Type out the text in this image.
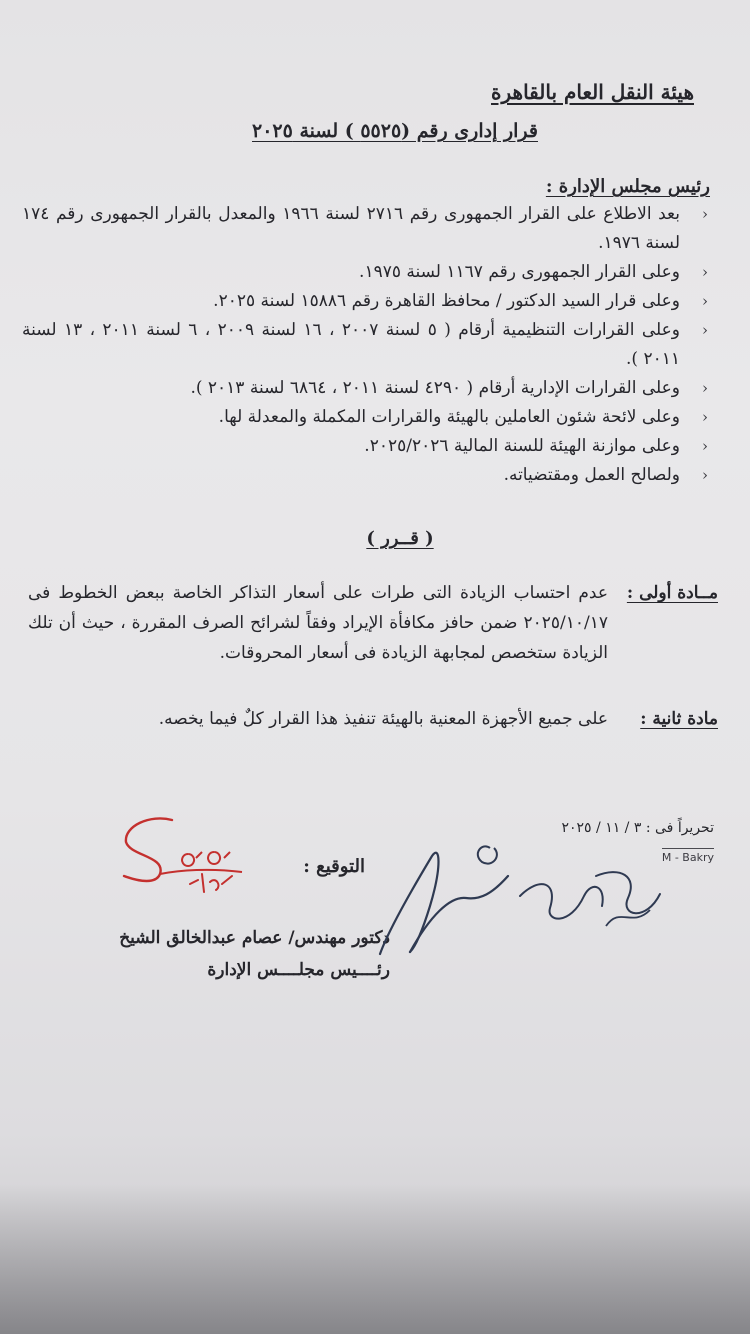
هيئة النقل العام بالقاهرة
قرار إدارى رقم (٥٥٢٥ ) لسنة ٢٠٢٥
رئيس مجلس الإدارة :
‹
بعد الاطلاع على القرار الجمهورى رقم ٢٧١٦ لسنة ١٩٦٦ والمعدل بالقرار الجمهورى رقم ١٧٤ لسنة ١٩٧٦.
‹
وعلى القرار الجمهورى رقم ١١٦٧ لسنة ١٩٧٥.
‹
وعلى قرار السيد الدكتور / محافظ القاهرة رقم ١٥٨٨٦ لسنة ٢٠٢٥.
‹
وعلى القرارات التنظيمية أرقام ( ٥ لسنة ٢٠٠٧ ، ١٦ لسنة ٢٠٠٩ ، ٦ لسنة ٢٠١١ ، ١٣ لسنة ٢٠١١ ).
‹
وعلى القرارات الإدارية أرقام ( ٤٢٩٠ لسنة ٢٠١١ ، ٦٨٦٤ لسنة ٢٠١٣ ).
‹
وعلى لائحة شئون العاملين بالهيئة والقرارات المكملة والمعدلة لها.
‹
وعلى موازنة الهيئة للسنة المالية ٢٠٢٥/٢٠٢٦.
‹
ولصالح العمل ومقتضياته.
( قــرر )
مــادة أولى :
عدم احتساب الزيادة التى طرات على أسعار التذاكر الخاصة ببعض الخطوط فى ٢٠٢٥/١٠/١٧ ضمن حافز مكافأة الإيراد وفقاً لشرائح الصرف المقررة ، حيث أن تلك الزيادة ستخصص لمجابهة الزيادة فى أسعار المحروقات.
مادة ثانية :
على جميع الأجهزة المعنية بالهيئة تنفيذ هذا القرار كلٌ فيما يخصه.
تحريراً فى : ٣ / ١١ / ٢٠٢٥
M - Bakry
التوقيع :
دكتور مهندس/ عصام عبدالخالق الشيخ
رئــــيس مجلــــس الإدارة
